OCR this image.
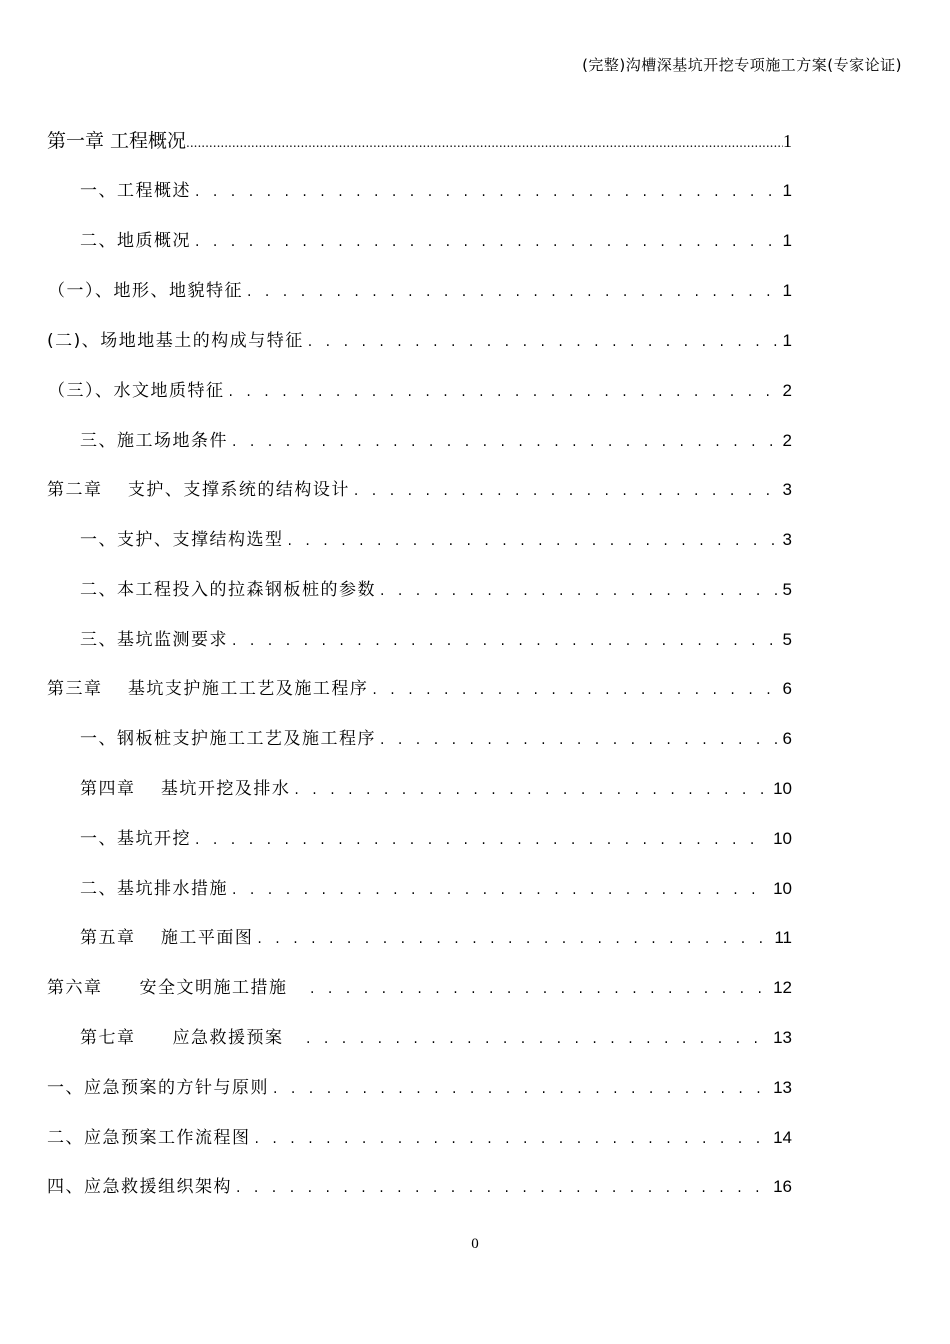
(完整)沟槽深基坑开挖专项施工方案(专家论证)
第一章 工程概况 .....	1
一、工程概述 . . .	1
二、地质概况 . . .	1
（一）、地形、地貌特征 . . .	1
(二)、场地地基土的构成与特征 . . .	1
（三）、水文地质特征 . . .	2
三、施工场地条件 . . .	2
第二章　 支护、支撑系统的结构设计 . . .	3
一、支护、支撑结构选型 . . .	3
二、本工程投入的拉森钢板桩的参数 . . .	5
三、基坑监测要求 . . .	5
第三章　 基坑支护施工工艺及施工程序 . . .	6
一、钢板桩支护施工工艺及施工程序 . . .	6
第四章　 基坑开挖及排水 . . .	10
一、基坑开挖 . . .	10
二、基坑排水措施 . . .	10
第五章　 施工平面图 . . .	11
第六章　　安全文明施工措施　 . . .	12
第七章　　应急救援预案　 . . .	13
一、应急预案的方针与原则 . . .	13
二、应急预案工作流程图 . . .	14
四、应急救援组织架构 . . .	16
0
